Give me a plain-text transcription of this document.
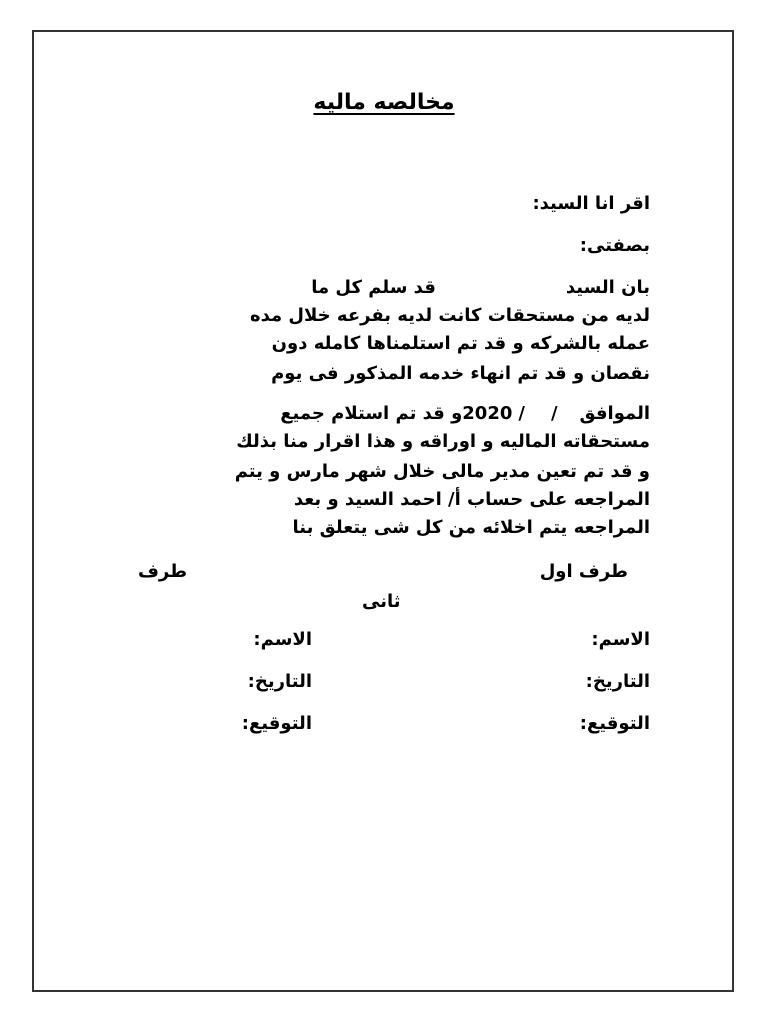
مخالصه ماليه
اقر انا السيد:
بصفتى:
بان السيدقد سلم كل ما
لديه من مستحقات كانت لديه بفرعه خلال مده
عمله بالشركه و قد تم استلمناها كامله دون
نقصان و قد تم انهاء خدمه المذكور فى يوم
الموافق//2020و قد تم استلام جميع
مستحقاته الماليه و اوراقه و هذا اقرار منا بذلك
و قد تم تعين مدير مالى خلال شهر مارس و يتم
المراجعه على حساب أ/ احمد السيد و بعد
المراجعه يتم اخلائه من كل شى يتعلق بنا
طرف اول
طرف
ثانى
الاسم:
الاسم:
التاريخ:
التاريخ:
التوقيع:
التوقيع:
